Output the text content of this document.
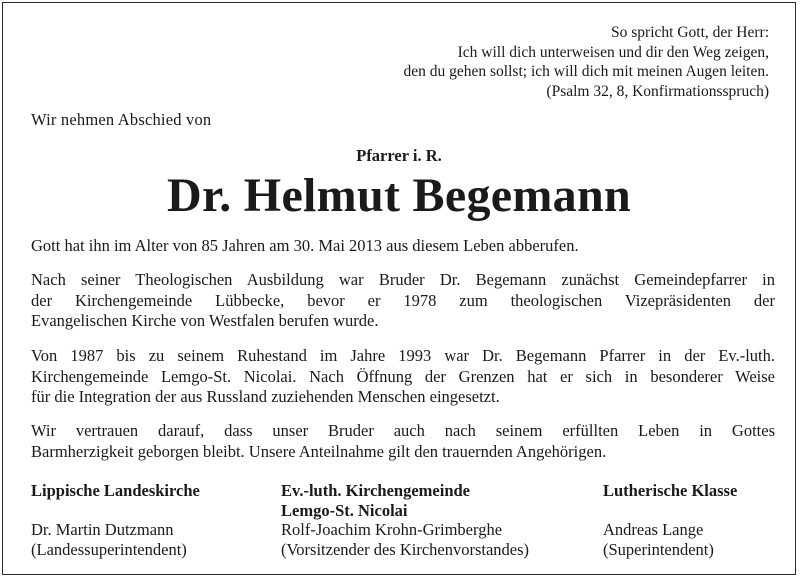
So spricht Gott, der Herr:
Ich will dich unterweisen und dir den Weg zeigen,
den du gehen sollst; ich will dich mit meinen Augen leiten.
(Psalm 32, 8, Konfirmationsspruch)
Wir nehmen Abschied von
Pfarrer i. R.
Dr. Helmut Begemann
Gott hat ihn im Alter von 85 Jahren am 30. Mai 2013 aus diesem Leben abberufen.
Nach seiner Theologischen Ausbildung war Bruder Dr. Begemann zunächst Gemeindepfarrer in
der Kirchengemeinde Lübbecke, bevor er 1978 zum theologischen Vizepräsidenten der
Evangelischen Kirche von Westfalen berufen wurde.
Von 1987 bis zu seinem Ruhestand im Jahre 1993 war Dr. Begemann Pfarrer in der Ev.-luth.
Kirchengemeinde Lemgo-St. Nicolai. Nach Öffnung der Grenzen hat er sich in besonderer Weise
für die Integration der aus Russland zuziehenden Menschen eingesetzt.
Wir vertrauen darauf, dass unser Bruder auch nach seinem erfüllten Leben in Gottes
Barmherzigkeit geborgen bleibt. Unsere Anteilnahme gilt den trauernden Angehörigen.
Lippische Landeskirche
Dr. Martin Dutzmann
(Landessuperintendent)
Ev.-luth. Kirchengemeinde
Lemgo-St. Nicolai
Rolf-Joachim Krohn-Grimberghe
(Vorsitzender des Kirchenvorstandes)
Lutherische Klasse
Andreas Lange
(Superintendent)
